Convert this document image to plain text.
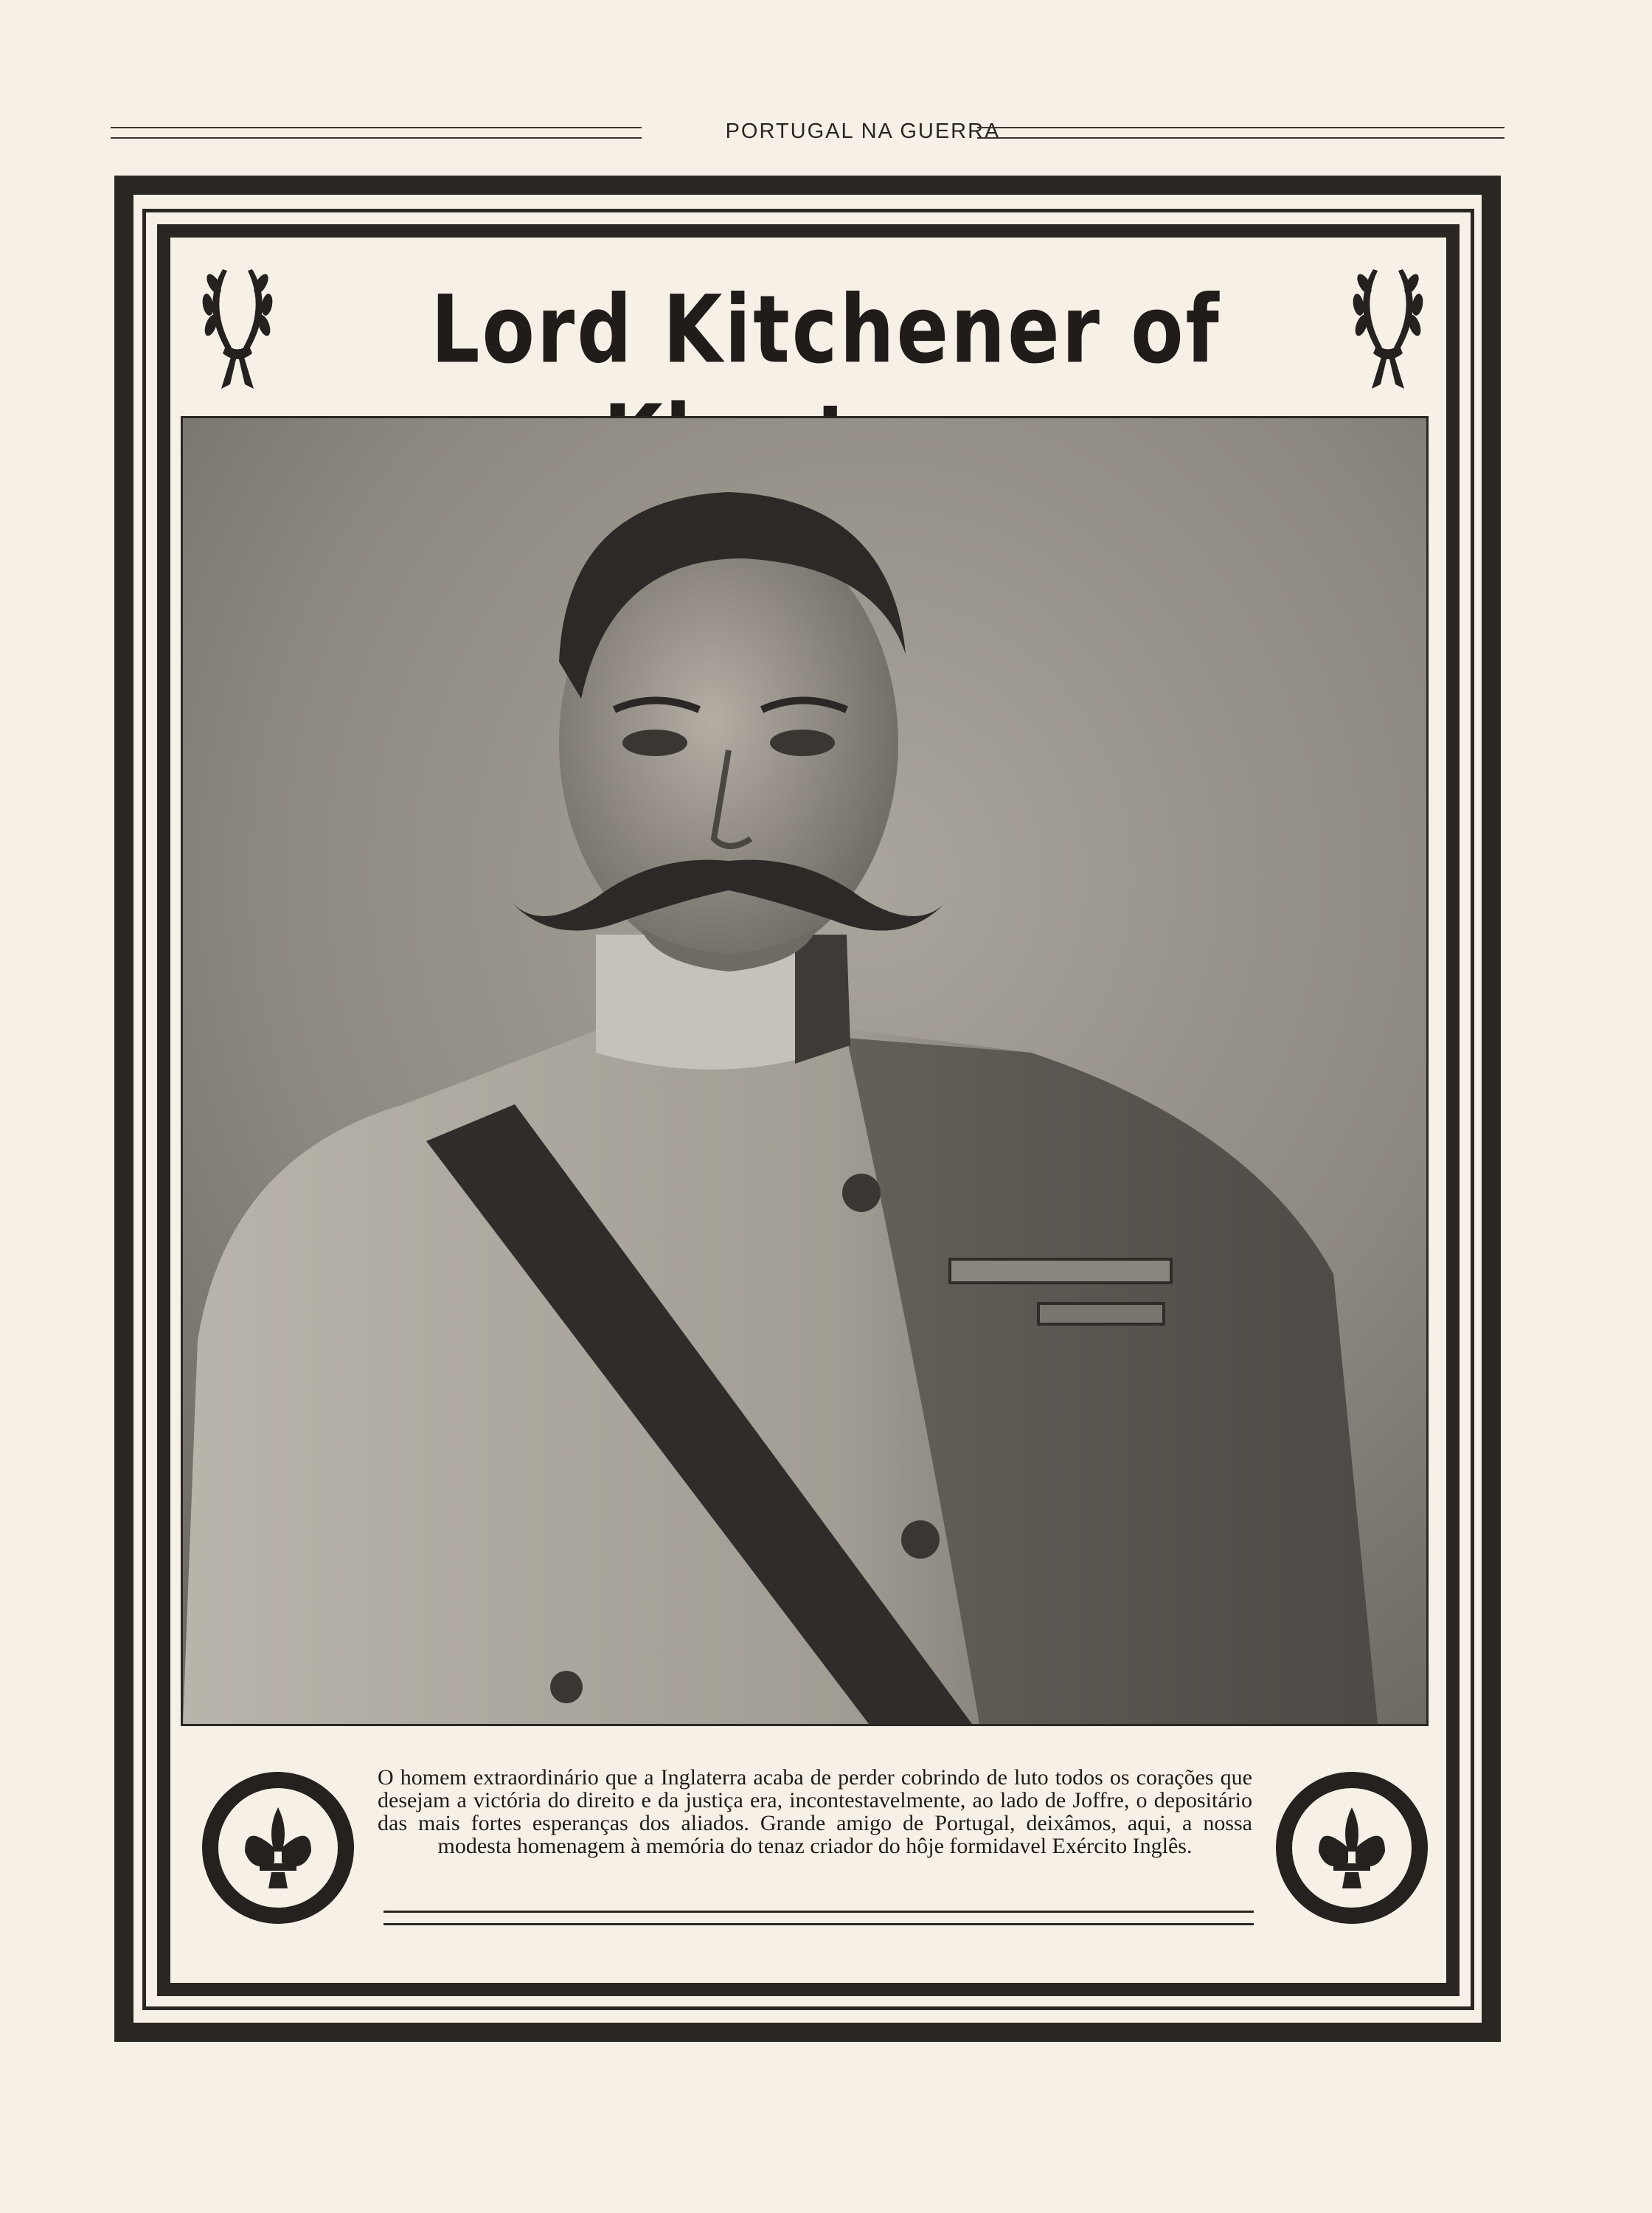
PORTUGAL NA GUERRA
Lord Kitchener of
O homem extraordinário que a Inglaterra acaba de perder cobrindo de luto todos os corações que desejam a victória do direito e da justiça era, incontestavelmente, ao lado de Joffre, o depositário das mais fortes esperanças dos aliados. Grande amigo de Portugal, deixâmos, aqui, a nossa modesta homenagem à memória do tenaz criador do hôje formidavel Exército Inglês.
